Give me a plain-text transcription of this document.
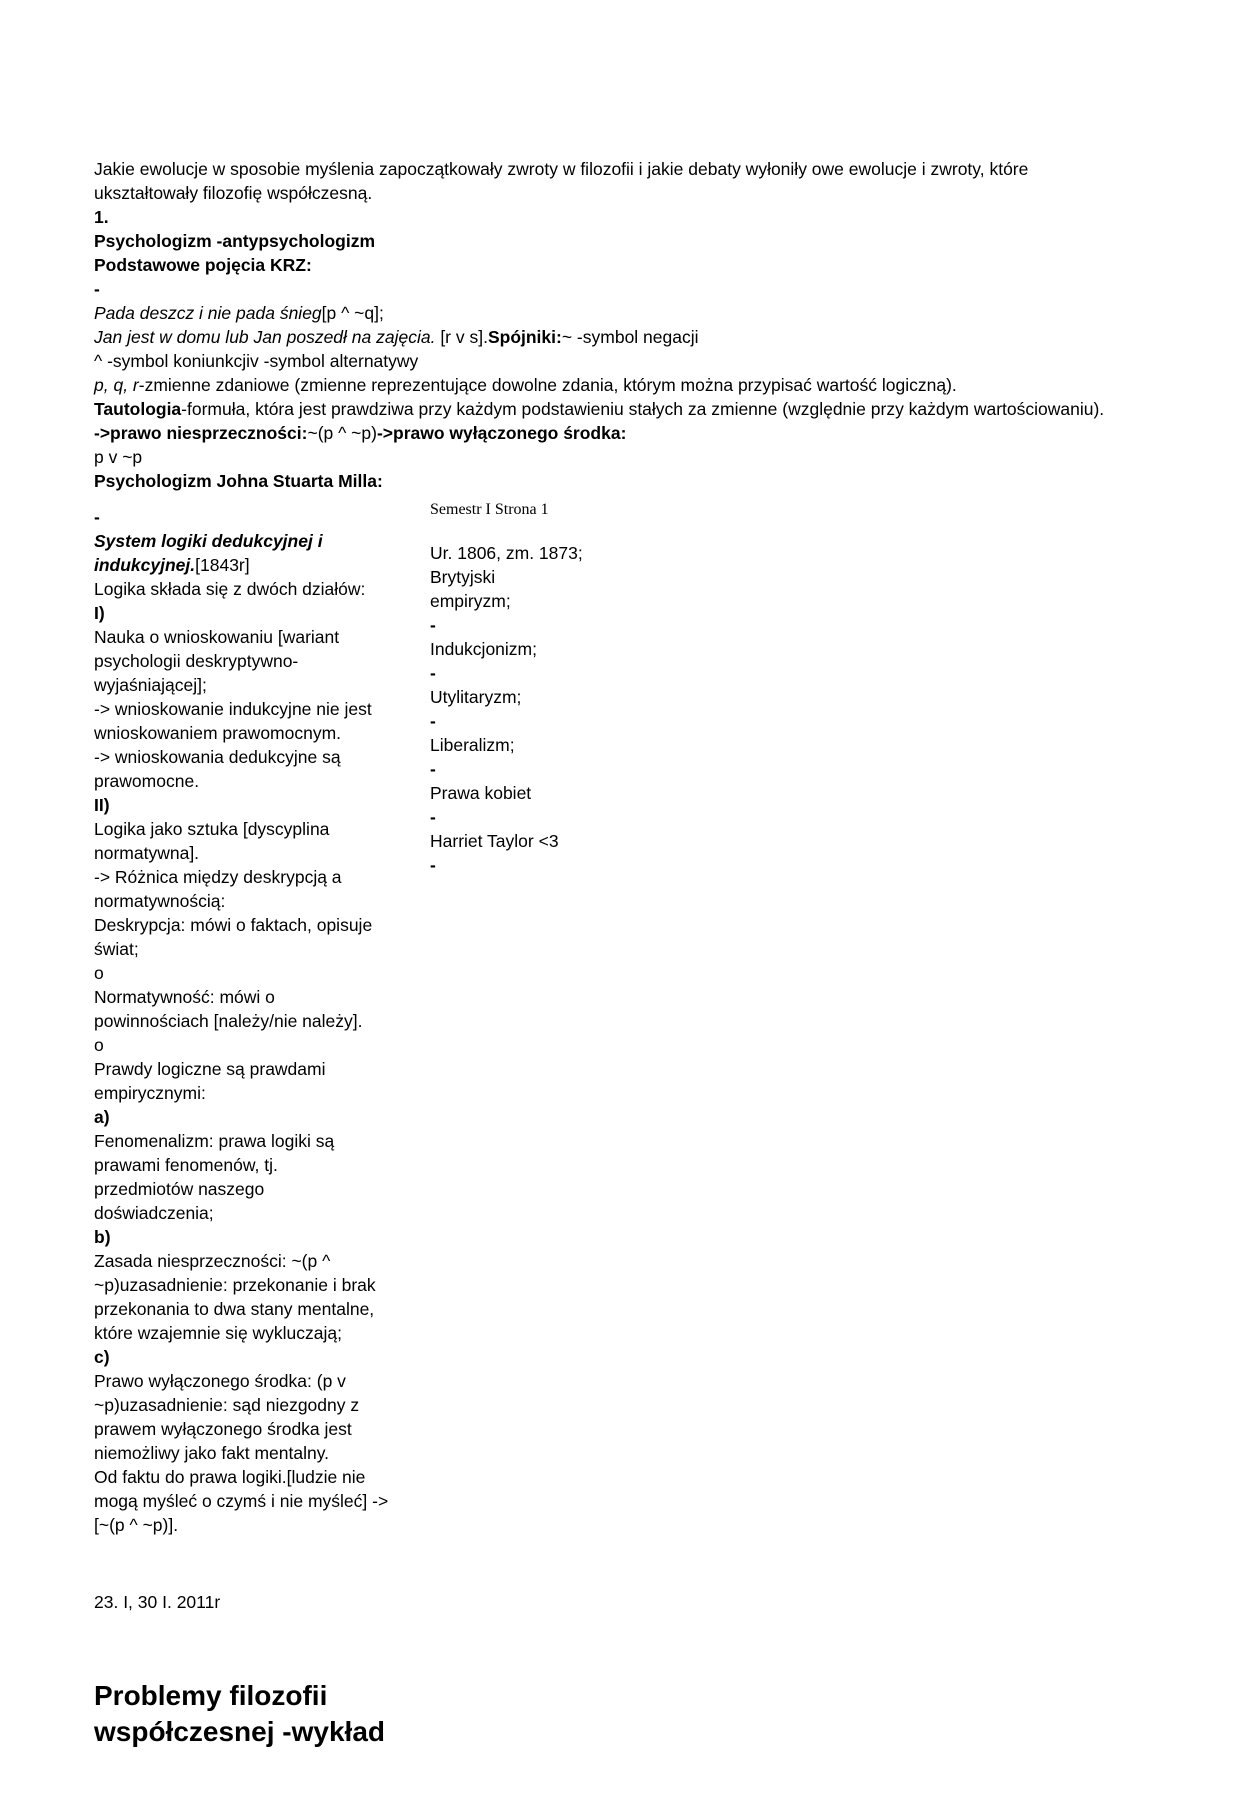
Jakie ewolucje w sposobie myślenia zapoczątkowały zwroty w filozofii i jakie debaty wyłoniły owe ewolucje i zwroty, które
ukształtowały filozofię współczesną.
1.
Psychologizm -antypsychologizm
Podstawowe pojęcia KRZ:
-
Pada deszcz i nie pada śnieg[p ^ ~q];
Jan jest w domu lub Jan poszedł na zajęcia. [r v s].Spójniki:~ -symbol negacji
^ -symbol koniunkcjiv -symbol alternatywy
p, q, r-zmienne zdaniowe (zmienne reprezentujące dowolne zdania, którym można przypisać wartość logiczną).
Tautologia-formuła, która jest prawdziwa przy każdym podstawieniu stałych za zmienne (względnie przy każdym wartościowaniu).
->prawo niesprzeczności:~(p ^ ~p)->prawo wyłączonego środka:
p v ~p
Psychologizm Johna Stuarta Milla:
-
System logiki dedukcyjnej i
indukcyjnej.[1843r]
Logika składa się z dwóch działów:
I)
Nauka o wnioskowaniu [wariant
psychologii deskryptywno-
wyjaśniającej];
-> wnioskowanie indukcyjne nie jest
wnioskowaniem prawomocnym.
-> wnioskowania dedukcyjne są
prawomocne.
II)
Logika jako sztuka [dyscyplina
normatywna].
-> Różnica między deskrypcją a
normatywnością:
Deskrypcja: mówi o faktach, opisuje
świat;
o
Normatywność: mówi o
powinnościach [należy/nie należy].
o
Prawdy logiczne są prawdami
empirycznymi:
a)
Fenomenalizm: prawa logiki są
prawami fenomenów, tj.
przedmiotów naszego
doświadczenia;
b)
Zasada niesprzeczności: ~(p ^
~p)uzasadnienie: przekonanie i brak
przekonania to dwa stany mentalne,
które wzajemnie się wykluczają;
c)
Prawo wyłączonego środka: (p v
~p)uzasadnienie: sąd niezgodny z
prawem wyłączonego środka jest
niemożliwy jako fakt mentalny.
Od faktu do prawa logiki.[ludzie nie
mogą myśleć o czymś i nie myśleć] ->
[~(p ^ ~p)].
Semestr I Strona 1
Ur. 1806, zm. 1873;
Brytyjski
empiryzm;
-
Indukcjonizm;
-
Utylitaryzm;
-
Liberalizm;
-
Prawa kobiet
-
Harriet Taylor <3
-
23. I, 30 I. 2011r
Problemy filozofii
współczesnej -wykład
